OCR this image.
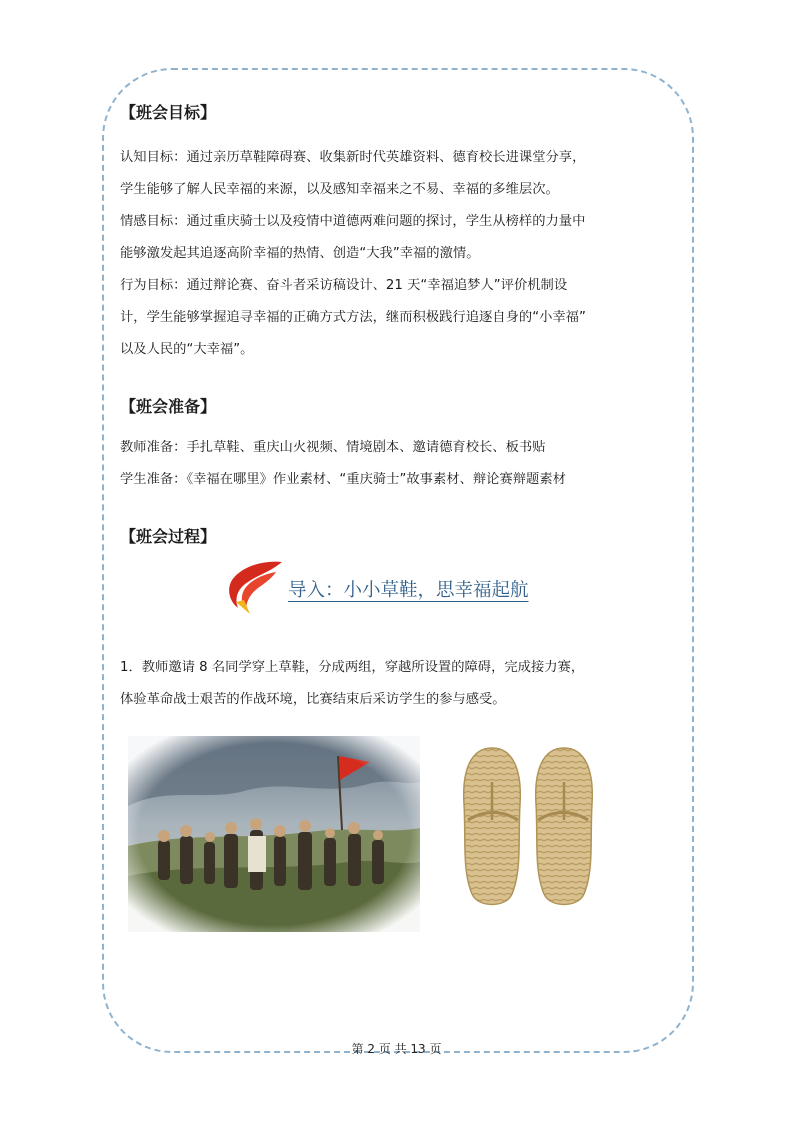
【班会目标】

认知目标：通过亲历草鞋障碍赛、收集新时代英雄资料、德育校长进课堂分享，

学生能够了解人民幸福的来源，以及感知幸福来之不易、幸福的多维层次。

情感目标：通过重庆骑士以及疫情中道德两难问题的探讨，学生从榜样的力量中

能够激发起其追逐高阶幸福的热情、创造“大我”幸福的激情。

行为目标：通过辩论赛、奋斗者采访稿设计、21 天“幸福追梦人”评价机制设

计，学生能够掌握追寻幸福的正确方式方法，继而积极践行追逐自身的“小幸福”

以及人民的“大幸福”。

【班会准备】

教师准备：手扎草鞋、重庆山火视频、情境剧本、邀请德育校长、板书贴

学生准备：《幸福在哪里》作业素材、“重庆骑士”故事素材、辩论赛辩题素材

【班会过程】
导入：小小草鞋，思幸福起航

1．教师邀请 8 名同学穿上草鞋，分成两组，穿越所设置的障碍，完成接力赛，

体验革命战士艰苦的作战环境，比赛结束后采访学生的参与感受。

第 2 页 共 13 页
